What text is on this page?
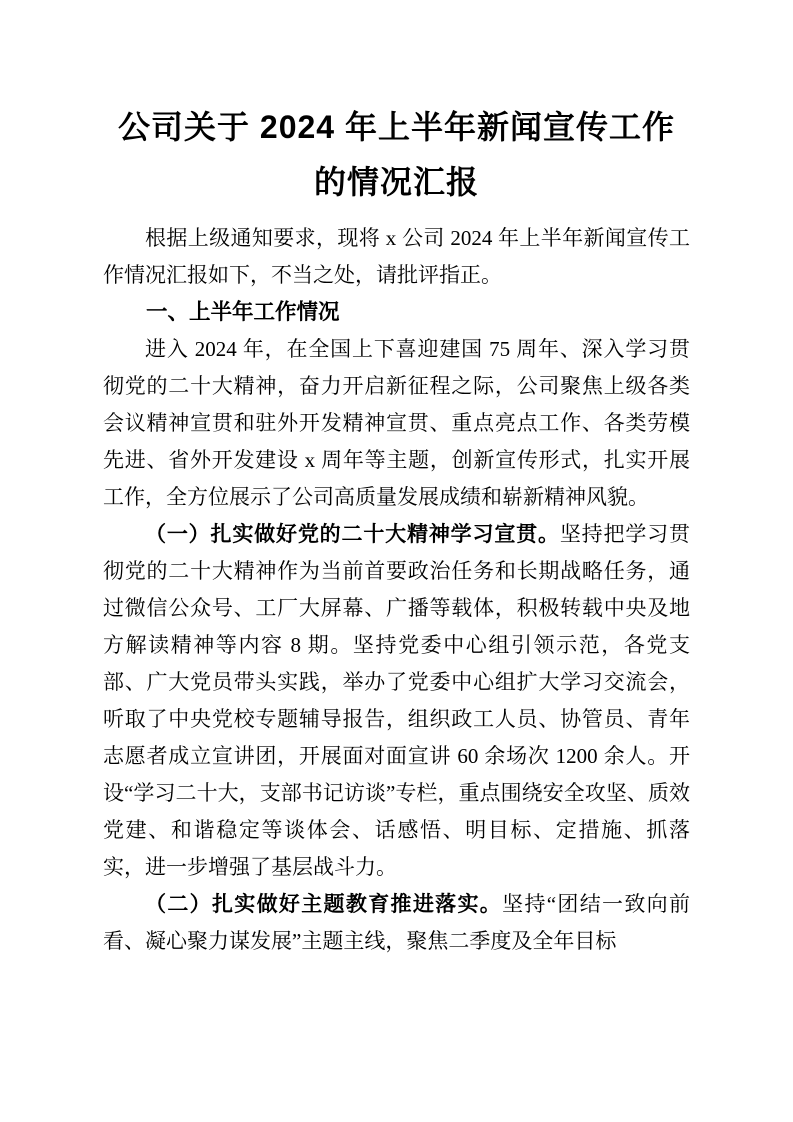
公司关于 2024 年上半年新闻宣传工作的情况汇报

根据上级通知要求，现将 x 公司 2024 年上半年新闻宣传工作情况汇报如下，不当之处，请批评指正。

一、上半年工作情况

进入 2024 年，在全国上下喜迎建国 75 周年、深入学习贯彻党的二十大精神，奋力开启新征程之际，公司聚焦上级各类会议精神宣贯和驻外开发精神宣贯、重点亮点工作、各类劳模先进、省外开发建设 x 周年等主题，创新宣传形式，扎实开展工作，全方位展示了公司高质量发展成绩和崭新精神风貌。

（一）扎实做好党的二十大精神学习宣贯。坚持把学习贯彻党的二十大精神作为当前首要政治任务和长期战略任务，通过微信公众号、工厂大屏幕、广播等载体，积极转载中央及地方解读精神等内容 8 期。坚持党委中心组引领示范，各党支部、广大党员带头实践，举办了党委中心组扩大学习交流会，听取了中央党校专题辅导报告，组织政工人员、协管员、青年志愿者成立宣讲团，开展面对面宣讲 60 余场次 1200 余人。开设“学习二十大，支部书记访谈”专栏，重点围绕安全攻坚、质效党建、和谐稳定等谈体会、话感悟、明目标、定措施、抓落实，进一步增强了基层战斗力。

（二）扎实做好主题教育推进落实。坚持“团结一致向前看、凝心聚力谋发展”主题主线，聚焦二季度及全年目标
